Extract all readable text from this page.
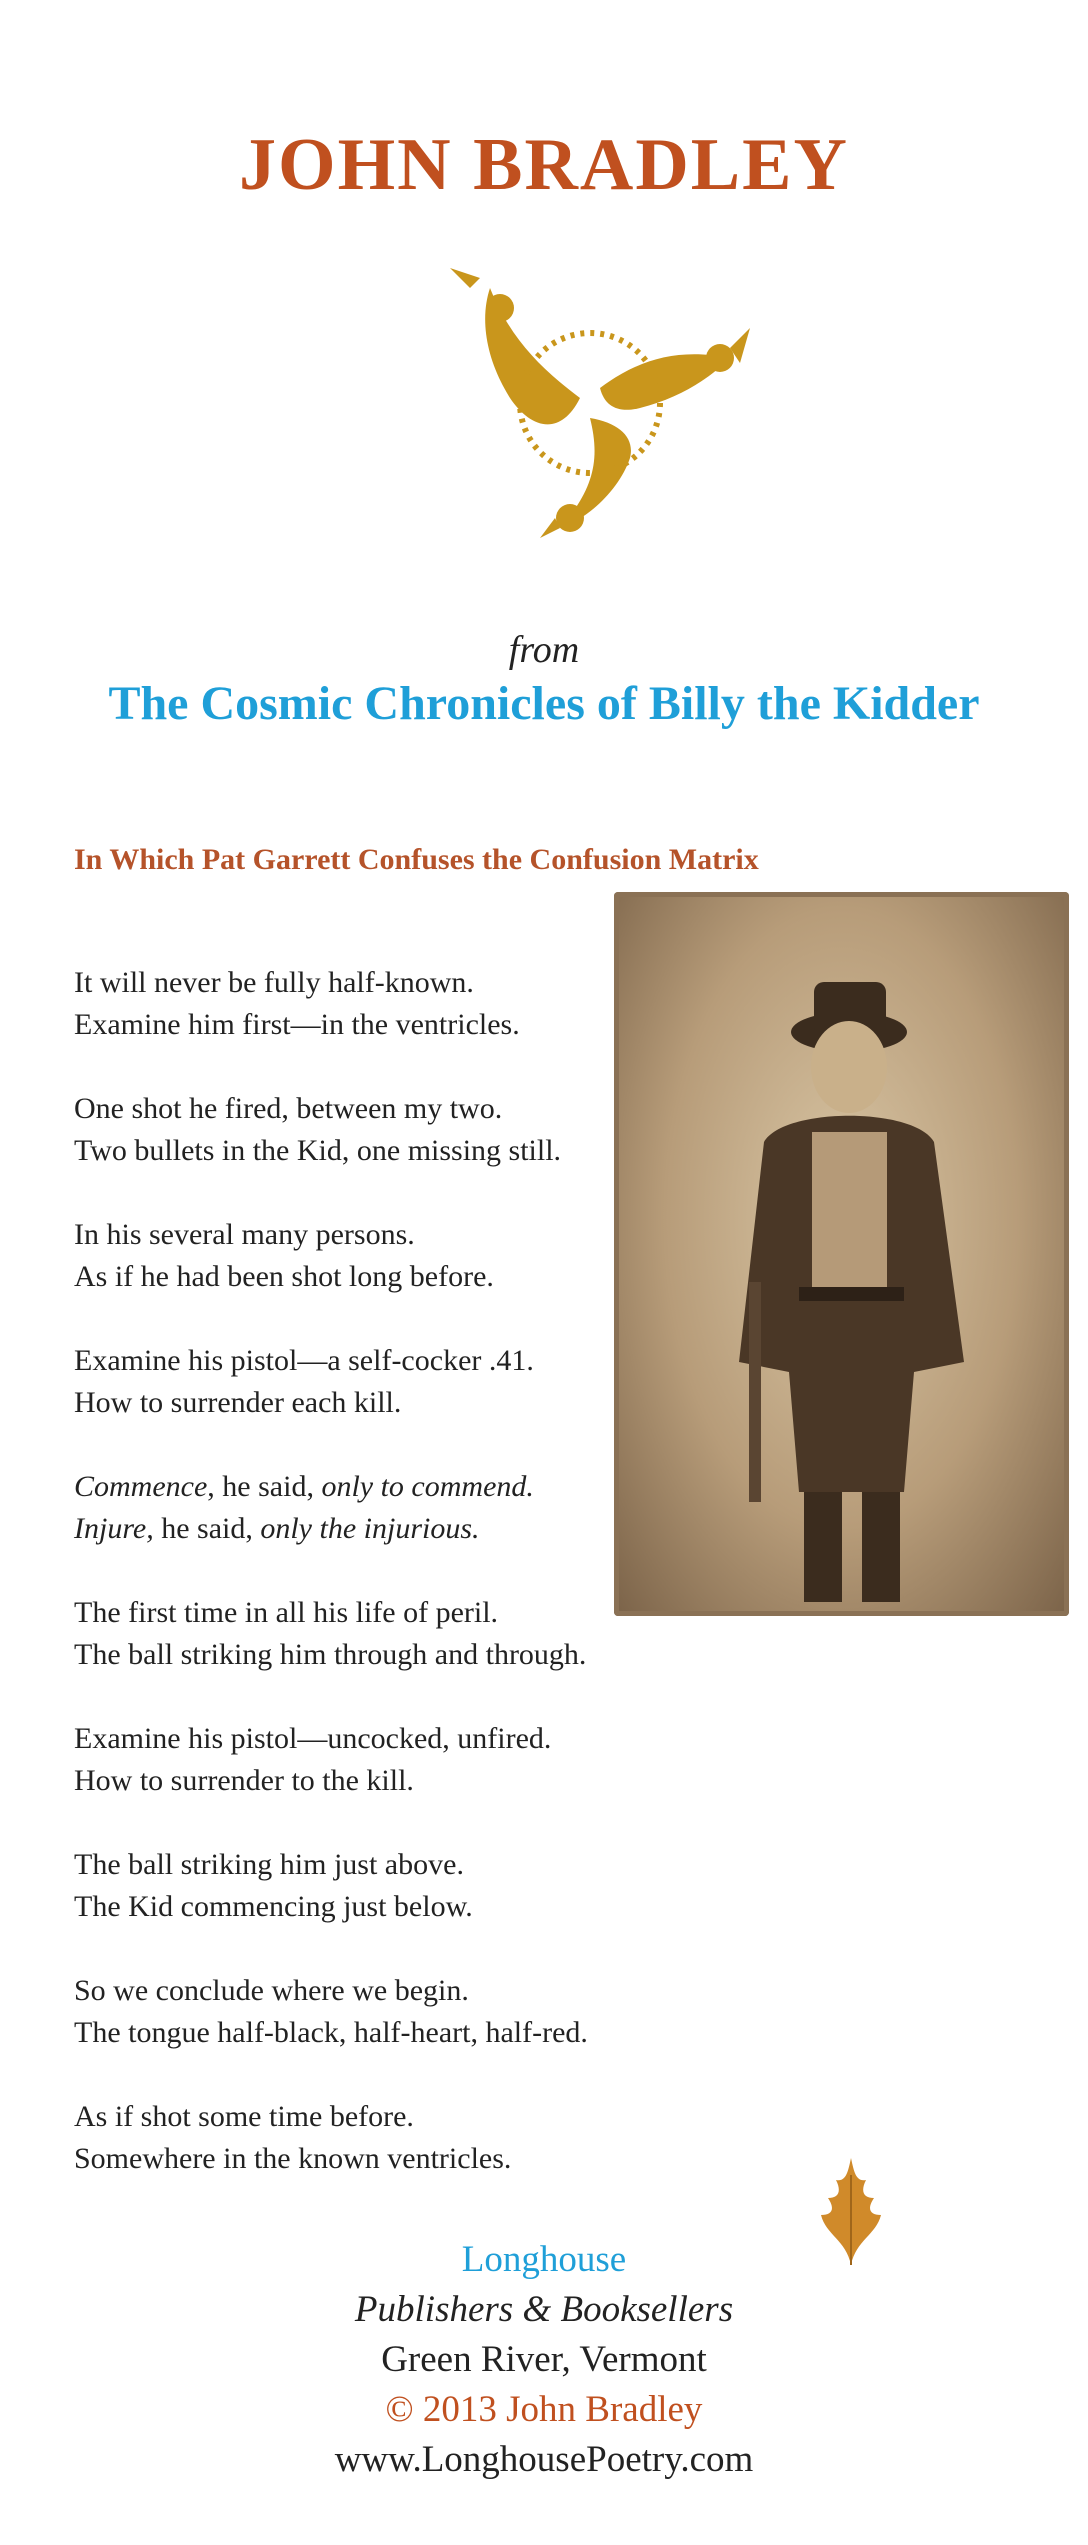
JOHN BRADLEY
from
The Cosmic Chronicles of Billy the Kidder
In Which Pat Garrett Confuses the Confusion Matrix
It will never be fully half-known.
Examine him first—in the ventricles.
One shot he fired, between my two.
Two bullets in the Kid, one missing still.
In his several many persons.
As if he had been shot long before.
Examine his pistol—a self-cocker .41.
How to surrender each kill.
Commence, he said, only to commend.
Injure, he said, only the injurious.
The first time in all his life of peril.
The ball striking him through and through.
Examine his pistol—uncocked, unfired.
How to surrender to the kill.
The ball striking him just above.
The Kid commencing just below.
So we conclude where we begin.
The tongue half-black, half-heart, half-red.
As if shot some time before.
Somewhere in the known ventricles.
Longhouse
Publishers & Booksellers
Green River, Vermont
© 2013 John Bradley
www.LonghousePoetry.com
